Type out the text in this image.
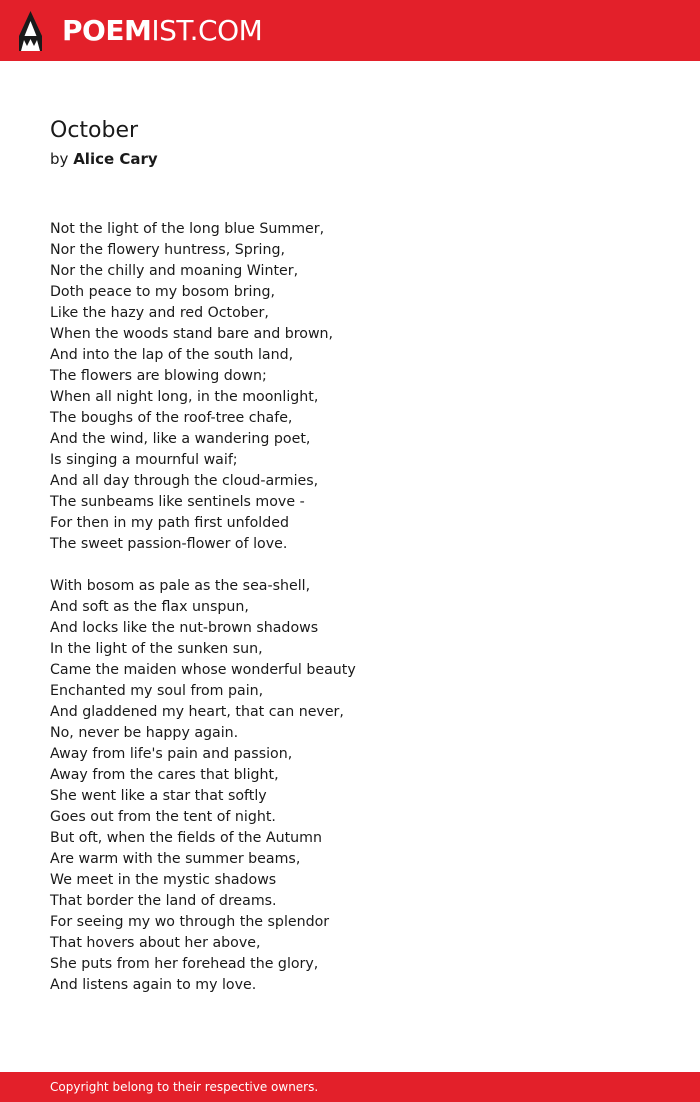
POEMIST.COM
October
by Alice Cary
Not the light of the long blue Summer,
Nor the flowery huntress, Spring,
Nor the chilly and moaning Winter,
Doth peace to my bosom bring,
Like the hazy and red October,
When the woods stand bare and brown,
And into the lap of the south land,
The flowers are blowing down;
When all night long, in the moonlight,
The boughs of the roof-tree chafe,
And the wind, like a wandering poet,
Is singing a mournful waif;
And all day through the cloud-armies,
The sunbeams like sentinels move -
For then in my path first unfolded
The sweet passion-flower of love.
With bosom as pale as the sea-shell,
And soft as the flax unspun,
And locks like the nut-brown shadows
In the light of the sunken sun,
Came the maiden whose wonderful beauty
Enchanted my soul from pain,
And gladdened my heart, that can never,
No, never be happy again.
Away from life's pain and passion,
Away from the cares that blight,
She went like a star that softly
Goes out from the tent of night.
But oft, when the fields of the Autumn
Are warm with the summer beams,
We meet in the mystic shadows
That border the land of dreams.
For seeing my wo through the splendor
That hovers about her above,
She puts from her forehead the glory,
And listens again to my love.
Copyright belong to their respective owners.
